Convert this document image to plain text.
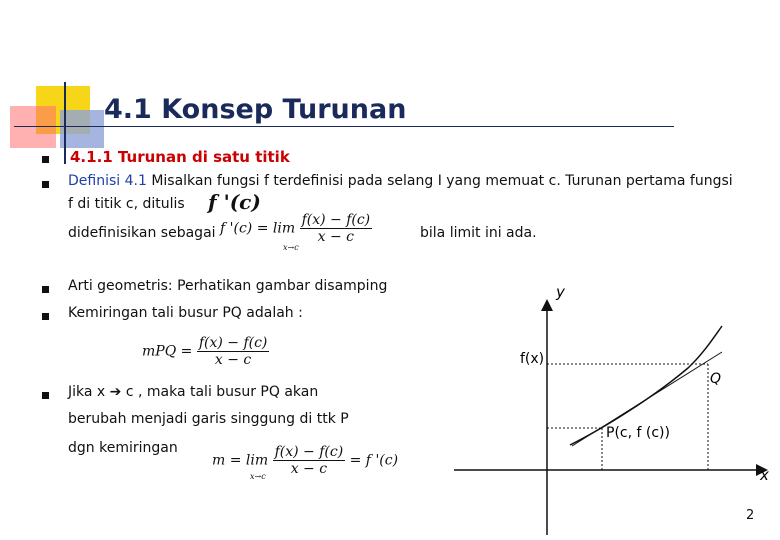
4.1 Konsep Turunan
4.1.1 Turunan di satu titik
Definisi 4.1 Misalkan fungsi f terdefinisi pada selang I yang memuat c. Turunan pertama fungsi
f di titik c, ditulis f '(c)
didefinisikan sebagai f '$(c) = \lim \frac{f(x) - f(c)}{x - c}$
x→c
bila limit ini ada.
Arti geometris: Perhatikan gambar disamping
Kemiringan tali busur PQ adalah :
mPQ = $\frac{f(x) - f(c)}{x - c}$
Jika x ➔ c , maka tali busur PQ akan
berubah menjadi garis singgung di ttk P
dgn kemiringan
$m = \lim \frac{f(x) - f(c)}{x - c} = f$ '(c)
x→c
y
x
f(x)
Q
P(c, f (c))
2
